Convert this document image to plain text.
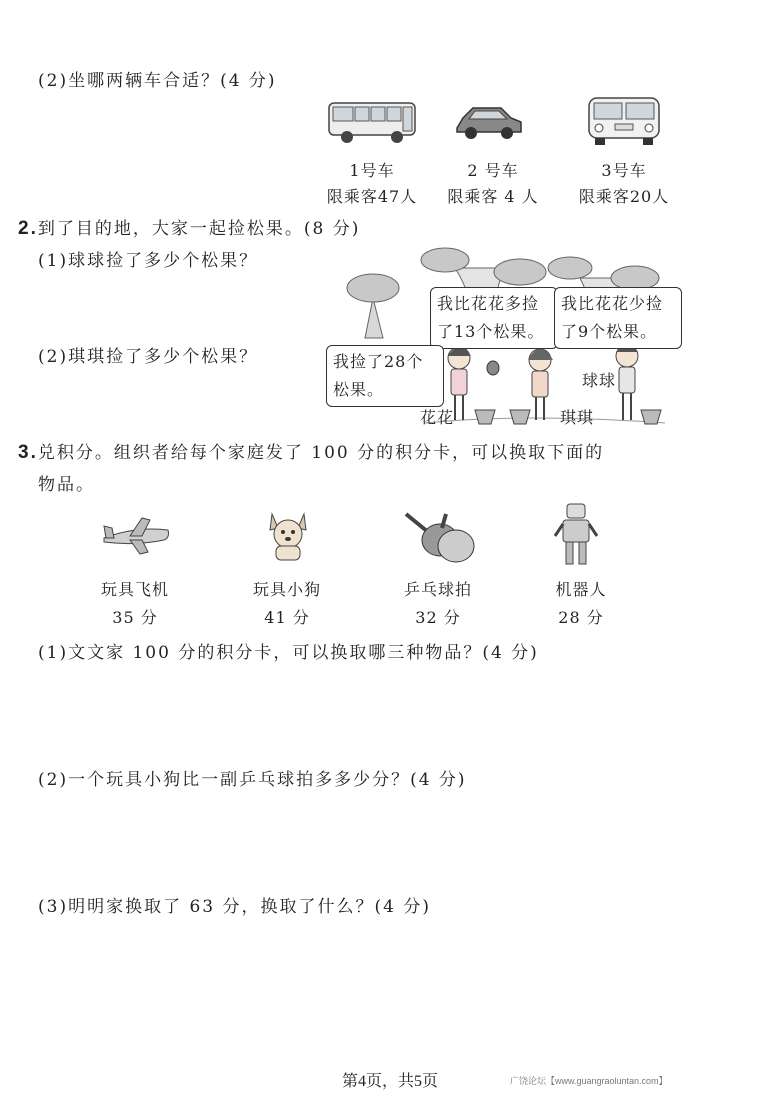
(2)坐哪两辆车合适？(4 分)
1号车	2 号车	3号车
限乘客47人	限乘客 4 人	限乘客20人
2.到了目的地，大家一起捡松果。(8 分)
(1)球球捡了多少个松果？
(2)琪琪捡了多少个松果？
我比花花多捡
了13个松果。
我比花花少捡
了9个松果。
我捡了28个
松果。
花花	琪琪
球球
3.兑积分。组织者给每个家庭发了 100 分的积分卡，可以换取下面的
物品。
玩具飞机	玩具小狗	乒乓球拍	机器人
35 分	41 分	32 分	28 分
(1)文文家 100 分的积分卡，可以换取哪三种物品？(4 分)
(2)一个玩具小狗比一副乒乓球拍多多少分？(4 分)
(3)明明家换取了 63 分，换取了什么？(4 分)
第4页，共5页	广饶论坛【www.guangraoluntan.com】
